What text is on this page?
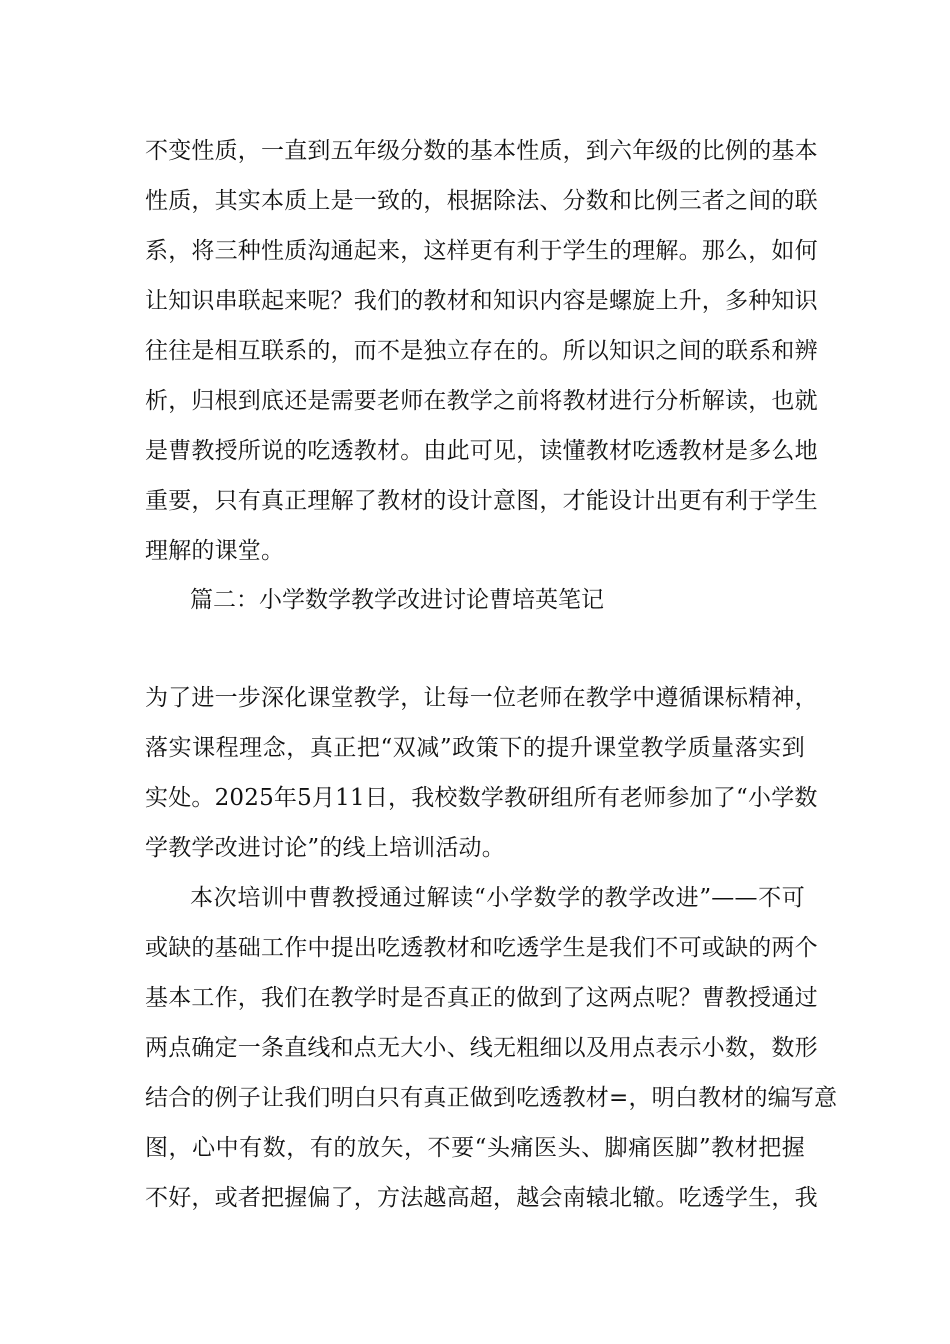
不变性质，一直到五年级分数的基本性质，到六年级的比例的基本
性质，其实本质上是一致的，根据除法、分数和比例三者之间的联
系，将三种性质沟通起来，这样更有利于学生的理解。那么，如何
让知识串联起来呢？我们的教材和知识内容是螺旋上升，多种知识
往往是相互联系的，而不是独立存在的。所以知识之间的联系和辨
析，归根到底还是需要老师在教学之前将教材进行分析解读，也就
是曹教授所说的吃透教材。由此可见，读懂教材吃透教材是多么地
重要，只有真正理解了教材的设计意图，才能设计出更有利于学生
理解的课堂。
篇二：小学数学教学改进讨论曹培英笔记
为了进一步深化课堂教学，让每一位老师在教学中遵循课标精神，
落实课程理念，真正把“双减”政策下的提升课堂教学质量落实到
实处。2025年5月11日，我校数学教研组所有老师参加了“小学数
学教学改进讨论”的线上培训活动。
本次培训中曹教授通过解读“小学数学的教学改进”——不可
或缺的基础工作中提出吃透教材和吃透学生是我们不可或缺的两个
基本工作，我们在教学时是否真正的做到了这两点呢？曹教授通过
两点确定一条直线和点无大小、线无粗细以及用点表示小数，数形
结合的例子让我们明白只有真正做到吃透教材=，明白教材的编写意
图，心中有数，有的放矢，不要“头痛医头、脚痛医脚”教材把握
不好，或者把握偏了，方法越高超，越会南辕北辙。吃透学生，我
